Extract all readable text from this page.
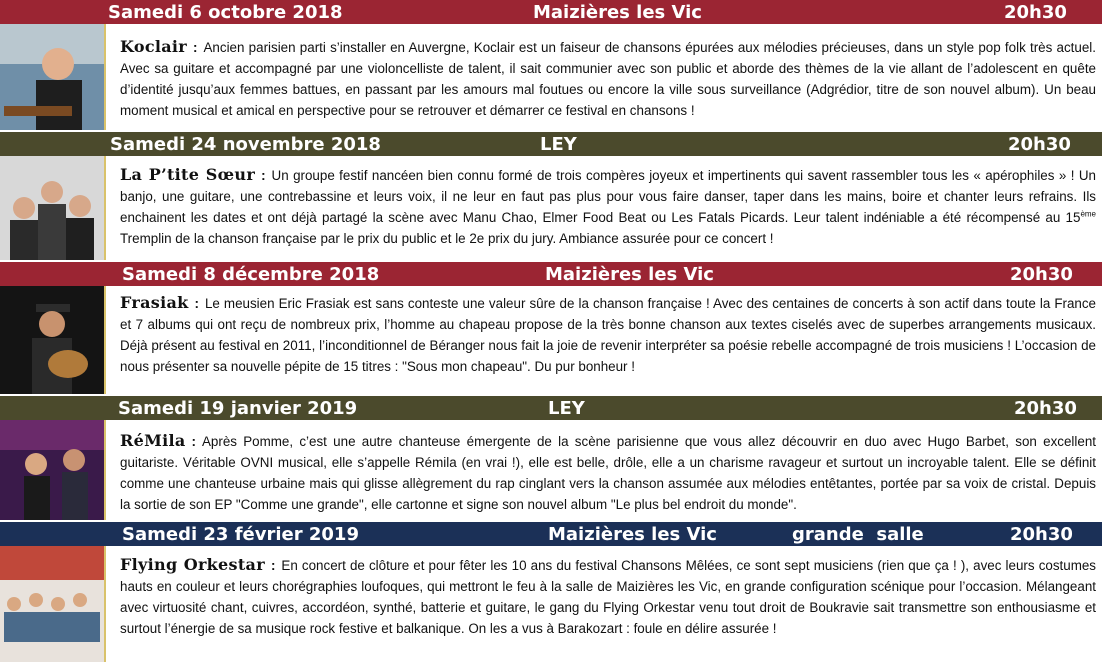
Samedi 6 octobre 2018	Maizières les Vic	20h30
Koclair : Ancien parisien parti s’installer en Auvergne, Koclair est un faiseur de chansons épurées aux mélodies précieuses, dans un style pop folk très actuel. Avec sa guitare et accompagné par une violoncelliste de talent, il sait communier avec son public et aborde des thèmes de la vie allant de l’adolescent en quête d’identité jusqu’aux femmes battues, en passant par les amours mal foutues ou encore la ville sous surveillance (Adgrédior, titre de son nouvel album). Un beau moment musical et amical en perspective pour se retrouver et démarrer ce festival en chansons !
Samedi 24 novembre 2018	LEY	20h30
La P’tite Sœur : Un groupe festif nancéen bien connu formé de trois compères joyeux et impertinents qui savent rassembler tous les « apérophiles » ! Un banjo, une guitare, une contrebassine et leurs voix, il ne leur en faut pas plus pour vous faire danser, taper dans les mains, boire et chanter leurs refrains. Ils enchainent les dates et ont déjà partagé la scène avec Manu Chao, Elmer Food Beat ou Les Fatals Picards. Leur talent indéniable a été récompensé au 15ème Tremplin de la chanson française par le prix du public et le 2e prix du jury. Ambiance assurée pour ce concert !
Samedi 8 décembre 2018	Maizières les Vic	20h30
Frasiak : Le meusien Eric Frasiak est sans conteste une valeur sûre de la chanson française ! Avec des centaines de concerts à son actif dans toute la France et 7 albums qui ont reçu de nombreux prix, l’homme au chapeau propose de la très bonne chanson aux textes ciselés avec de superbes arrangements musicaux. Déjà présent au festival en 2011, l’inconditionnel de Béranger nous fait la joie de revenir interpréter sa poésie rebelle accompagné de trois musiciens ! L’occasion de nous présenter sa nouvelle pépite de 15 titres : "Sous mon chapeau". Du pur bonheur !
Samedi 19 janvier 2019	LEY	20h30
RéMila : Après Pomme, c’est une autre chanteuse émergente de la scène parisienne que vous allez découvrir en duo avec Hugo Barbet, son excellent guitariste. Véritable OVNI musical, elle s’appelle Rémila (en vrai !), elle est belle, drôle, elle a un charisme ravageur et surtout un incroyable talent. Elle se définit comme une chanteuse urbaine mais qui glisse allègrement du rap cinglant vers la chanson assumée aux mélodies entêtantes, portée par sa voix de cristal. Depuis la sortie de son EP "Comme une grande", elle cartonne et signe son nouvel album "Le plus bel endroit du monde".
Samedi 23 février 2019	Maizières les Vic	grande  salle	20h30
Flying Orkestar : En concert de clôture et pour fêter les 10 ans du festival Chansons Mêlées, ce sont sept musiciens (rien que ça ! ), avec leurs costumes hauts en couleur et leurs chorégraphies loufoques, qui mettront le feu à la salle de Maizières les Vic, en grande configuration scénique pour l’occasion. Mélangeant avec virtuosité chant, cuivres, accordéon, synthé, batterie et guitare, le gang du Flying Orkestar venu tout droit de Boukravie sait transmettre son enthousiasme et surtout l’énergie de sa musique rock festive et balkanique. On les a vus à Barakozart : foule en délire assurée !
